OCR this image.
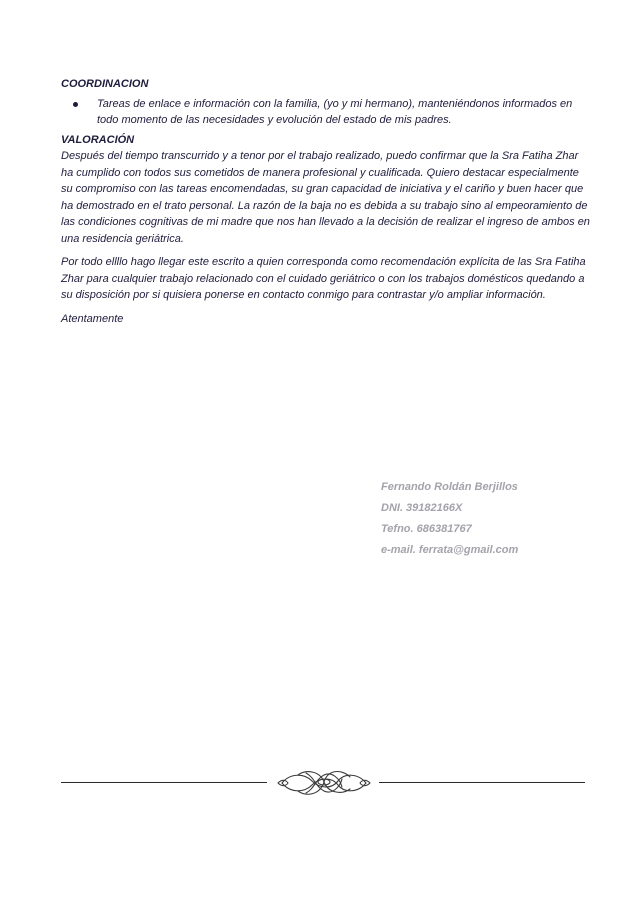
COORDINACION

Tareas de enlace e información con la familia, (yo y mi hermano), manteniéndonos informados en todo momento de las necesidades y evolución del estado de mis padres.

VALORACIÓN

Después del tiempo transcurrido y a tenor por el trabajo realizado, puedo confirmar que la Sra Fatiha Zhar ha cumplido con todos sus cometidos de manera profesional y cualificada. Quiero destacar especialmente su compromiso con las tareas encomendadas, su gran capacidad de iniciativa y el cariño y buen hacer que ha demostrado en el trato personal. La razón de la baja no es debida a su trabajo sino al empeoramiento de las condiciones cognitivas de mi madre que nos han llevado a la decisión de realizar el ingreso de ambos en una residencia geriátrica.

Por todo ellllo hago llegar este escrito a quien corresponda como recomendación explícita de las Sra Fatiha Zhar para cualquier trabajo relacionado con el cuidado geriátrico o con los trabajos domésticos quedando a su disposición por si quisiera ponerse en contacto conmigo para contrastar y/o ampliar información.

Atentamente

Fernando Roldán Berjillos
DNI. 39182166X
Tefno. 686381767
e-mail. ferrata@gmail.com
